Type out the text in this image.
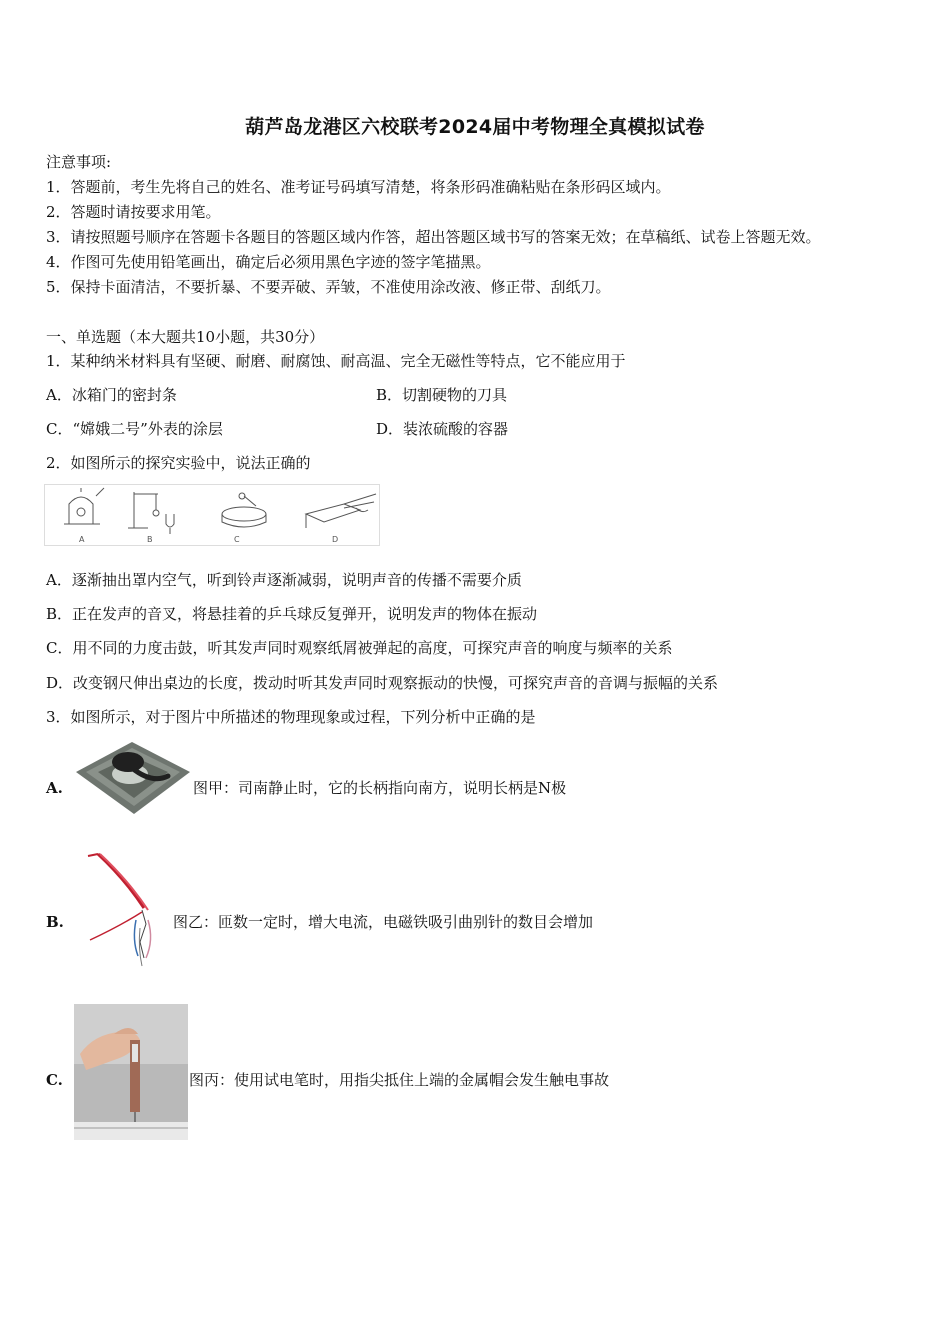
葫芦岛龙港区六校联考2024届中考物理全真模拟试卷
注意事项:
1．答题前，考生先将自己的姓名、准考证号码填写清楚，将条形码准确粘贴在条形码区域内。
2．答题时请按要求用笔。
3．请按照题号顺序在答题卡各题目的答题区域内作答，超出答题区域书写的答案无效；在草稿纸、试卷上答题无效。
4．作图可先使用铅笔画出，确定后必须用黑色字迹的签字笔描黑。
5．保持卡面清洁，不要折暴、不要弄破、弄皱，不准使用涂改液、修正带、刮纸刀。
一、单选题（本大题共10小题，共30分）
1．某种纳米材料具有坚硬、耐磨、耐腐蚀、耐高温、完全无磁性等特点，它不能应用于
A．冰箱门的密封条	B．切割硬物的刀具
C．“嫦娥二号”外表的涂层	D．装浓硫酸的容器
2．如图所示的探究实验中，说法正确的
A	B	C	D
A．逐渐抽出罩内空气，听到铃声逐渐减弱，说明声音的传播不需要介质
B．正在发声的音叉，将悬挂着的乒乓球反复弹开，说明发声的物体在振动
C．用不同的力度击鼓，听其发声同时观察纸屑被弹起的高度，可探究声音的响度与频率的关系
D．改变钢尺伸出桌边的长度，拨动时听其发声同时观察振动的快慢，可探究声音的音调与振幅的关系
3．如图所示，对于图片中所描述的物理现象或过程，下列分析中正确的是
A.	图甲：司南静止时，它的长柄指向南方，说明长柄是N极
B.	图乙：匝数一定时，增大电流，电磁铁吸引曲别针的数目会增加
C.	图丙：使用试电笔时，用指尖抵住上端的金属帽会发生触电事故
